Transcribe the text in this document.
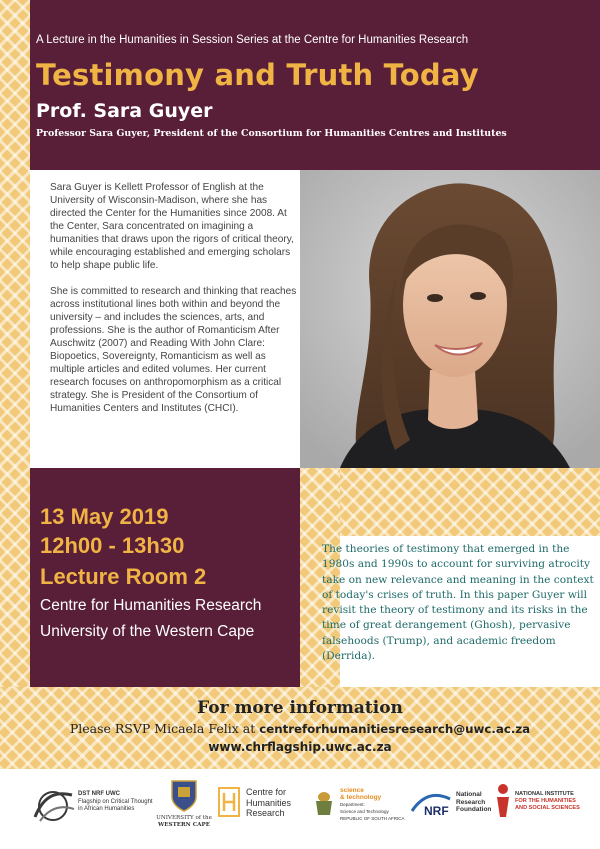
A Lecture in the Humanities in Session Series at the Centre for Humanities Research
Testimony and Truth Today
Prof. Sara Guyer
Professor Sara Guyer, President of the Consortium for Humanities Centres and Institutes

Sara Guyer is Kellett Professor of English at the University of Wisconsin-Madison, where she has directed the Center for the Humanities since 2008. At the Center, Sara concentrated on imagining a humanities that draws upon the rigors of critical theory, while encouraging established and emerging scholars to help shape public life.

She is committed to research and thinking that reaches across institutional lines both within and beyond the university – and includes the sciences, arts, and professions. She is the author of Romanticism After Auschwitz (2007) and Reading With John Clare: Biopoetics, Sovereignty, Romanticism as well as multiple articles and edited volumes. Her current research focuses on anthropomorphism as a critical strategy. She is President of the Consortium of Humanities Centers and Institutes (CHCI).

13 May 2019
12h00 - 13h30
Lecture Room 2
Centre for Humanities Research
University of the Western Cape
The theories of testimony that emerged in the 1980s and 1990s to account for surviving atrocity take on new relevance and meaning in the context of today's crises of truth. In this paper Guyer will revisit the theory of testimony and its risks in the time of great derangement (Ghosh), pervasive falsehoods (Trump), and academic freedom (Derrida).
For more information
Please RSVP Micaela Felix at centreforhumanitiesresearch@uwc.ac.za
www.chrflagship.uwc.ac.za
DST NRF UWC
Flagship on Critical Thought
in African Humanities
UNIVERSITY of the
WESTERN CAPE
Centre for
Humanities
Research
science
& technology
Department:
Science and Technology
REPUBLIC OF SOUTH AFRICA
NRF
National
Research
Foundation
NATIONAL INSTITUTE
FOR THE HUMANITIES
AND SOCIAL SCIENCES
